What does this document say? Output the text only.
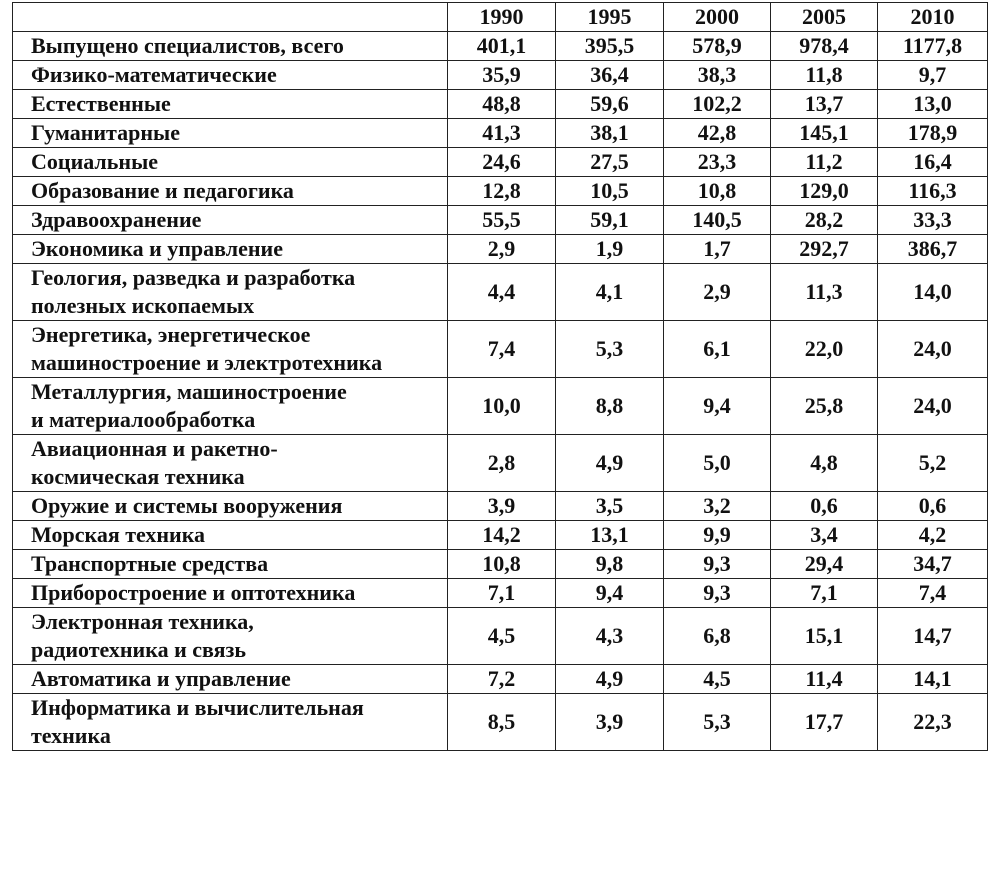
	1990	1995	2000	2005	2010

Выпущено специалистов, всего	401,1	395,5	578,9	978,4	1177,8

Физико-математические	35,9	36,4	38,3	11,8	9,7

Естественные	48,8	59,6	102,2	13,7	13,0

Гуманитарные	41,3	38,1	42,8	145,1	178,9

Социальные	24,6	27,5	23,3	11,2	16,4

Образование и педагогика	12,8	10,5	10,8	129,0	116,3

Здравоохранение	55,5	59,1	140,5	28,2	33,3

Экономика и управление	2,9	1,9	1,7	292,7	386,7

Геология, разведка и разработка
полезных ископаемых	4,4	4,1	2,9	11,3	14,0

Энергетика, энергетическое
машиностроение и электротехника	7,4	5,3	6,1	22,0	24,0

Металлургия, машиностроение
и материалообработка	10,0	8,8	9,4	25,8	24,0

Авиационная и ракетно-
космическая техника	2,8	4,9	5,0	4,8	5,2

Оружие и системы вооружения	3,9	3,5	3,2	0,6	0,6

Морская техника	14,2	13,1	9,9	3,4	4,2

Транспортные средства	10,8	9,8	9,3	29,4	34,7

Приборостроение и оптотехника	7,1	9,4	9,3	7,1	7,4

Электронная техника,
радиотехника и связь	4,5	4,3	6,8	15,1	14,7

Автоматика и управление	7,2	4,9	4,5	11,4	14,1

Информатика и вычислительная
техника	8,5	3,9	5,3	17,7	22,3
